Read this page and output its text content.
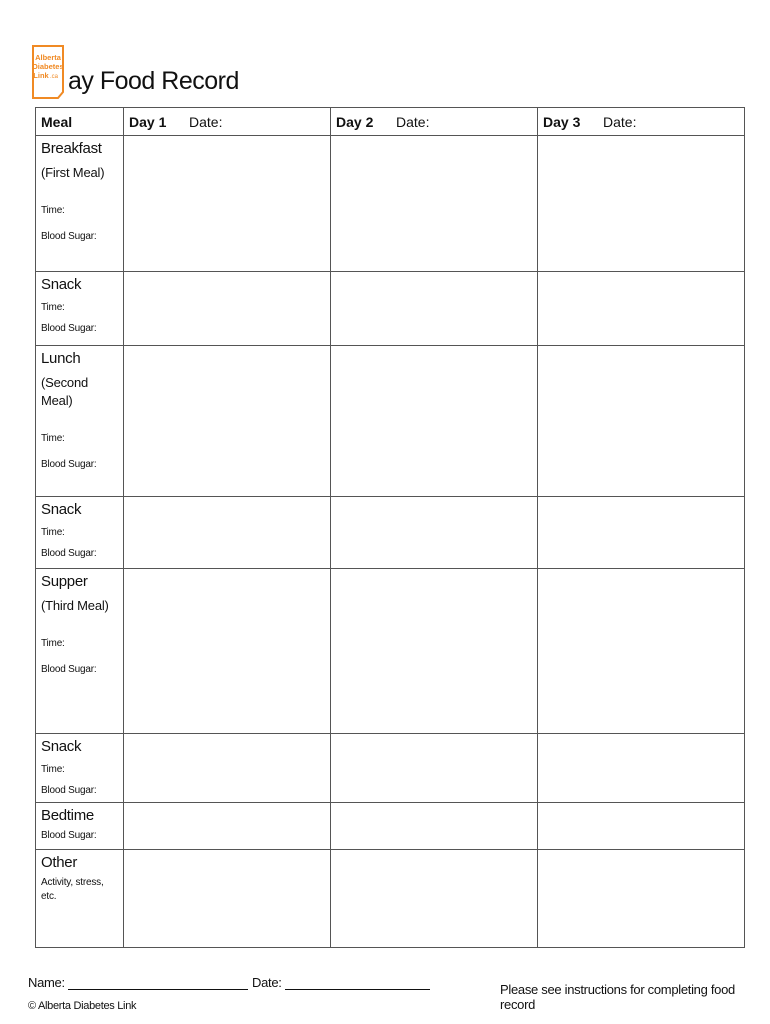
Alberta
Diabetes
Link .ca ay Food Record
Meal	Day 1 Date:	Day 2 Date:	Day 3 Date:

Breakfast
(First Meal)
Time:
Blood Sugar:			

Snack
Time:
Blood Sugar:			

Lunch
(Second Meal)
Time:
Blood Sugar:			

Snack
Time:
Blood Sugar:			

Supper
(Third Meal)
Time:
Blood Sugar:			

Snack
Time:
Blood Sugar:			

Bedtime
Blood Sugar:			

Other
Activity, stress, etc.			

Name:	Date:	Please see instructions for completing food record
© Alberta Diabetes Link
